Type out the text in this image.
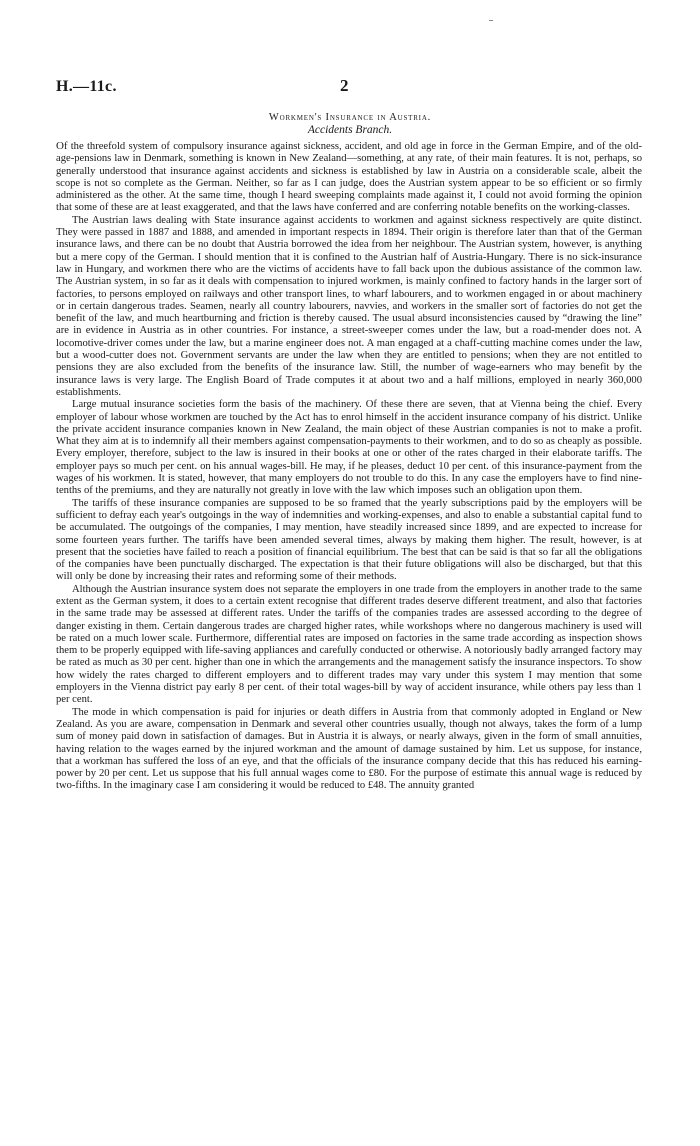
H.—11c.	2
Workmen's Insurance in Austria.
Accidents Branch.

Of the threefold system of compulsory insurance against sickness, accident, and old age in force in the German Empire, and of the old-age-pensions law in Denmark, something is known in New Zealand—something, at any rate, of their main features. It is not, perhaps, so generally understood that insurance against accidents and sickness is established by law in Austria on a considerable scale, albeit the scope is not so complete as the German. Neither, so far as I can judge, does the Austrian system appear to be so efficient or so firmly administered as the other. At the same time, though I heard sweeping complaints made against it, I could not avoid forming the opinion that some of these are at least exaggerated, and that the laws have conferred and are conferring notable benefits on the working-classes.

The Austrian laws dealing with State insurance against accidents to workmen and against sickness respectively are quite distinct. They were passed in 1887 and 1888, and amended in important respects in 1894. Their origin is therefore later than that of the German insurance laws, and there can be no doubt that Austria borrowed the idea from her neighbour. The Austrian system, however, is anything but a mere copy of the German. I should mention that it is confined to the Austrian half of Austria-Hungary. There is no sick-insurance law in Hungary, and workmen there who are the victims of accidents have to fall back upon the dubious assistance of the common law. The Austrian system, in so far as it deals with compensation to injured workmen, is mainly confined to factory hands in the larger sort of factories, to persons employed on railways and other transport lines, to wharf labourers, and to workmen engaged in or about machinery or in certain dangerous trades. Seamen, nearly all country labourers, navvies, and workers in the smaller sort of factories do not get the benefit of the law, and much heartburning and friction is thereby caused. The usual absurd inconsistencies caused by “drawing the line” are in evidence in Austria as in other countries. For instance, a street-sweeper comes under the law, but a road-mender does not. A locomotive-driver comes under the law, but a marine engineer does not. A man engaged at a chaff-cutting machine comes under the law, but a wood-cutter does not. Government servants are under the law when they are entitled to pensions; when they are not entitled to pensions they are also excluded from the benefits of the insurance law. Still, the number of wage-earners who may benefit by the insurance laws is very large. The English Board of Trade computes it at about two and a half millions, employed in nearly 360,000 establishments.

Large mutual insurance societies form the basis of the machinery. Of these there are seven, that at Vienna being the chief. Every employer of labour whose workmen are touched by the Act has to enrol himself in the accident insurance company of his district. Unlike the private accident insurance companies known in New Zealand, the main object of these Austrian companies is not to make a profit. What they aim at is to indemnify all their members against compensation-payments to their workmen, and to do so as cheaply as possible. Every employer, therefore, subject to the law is insured in their books at one or other of the rates charged in their elaborate tariffs. The employer pays so much per cent. on his annual wages-bill. He may, if he pleases, deduct 10 per cent. of this insurance-payment from the wages of his workmen. It is stated, however, that many employers do not trouble to do this. In any case the employers have to find nine-tenths of the premiums, and they are naturally not greatly in love with the law which imposes such an obligation upon them.

The tariffs of these insurance companies are supposed to be so framed that the yearly subscriptions paid by the employers will be sufficient to defray each year's outgoings in the way of indemnities and working-expenses, and also to enable a substantial capital fund to be accumulated. The outgoings of the companies, I may mention, have steadily increased since 1899, and are expected to increase for some fourteen years further. The tariffs have been amended several times, always by making them higher. The result, however, is at present that the societies have failed to reach a position of financial equilibrium. The best that can be said is that so far all the obligations of the companies have been punctually discharged. The expectation is that their future obligations will also be discharged, but that this will only be done by increasing their rates and reforming some of their methods.

Although the Austrian insurance system does not separate the employers in one trade from the employers in another trade to the same extent as the German system, it does to a certain extent recognise that different trades deserve different treatment, and also that factories in the same trade may be assessed at different rates. Under the tariffs of the companies trades are assessed according to the degree of danger existing in them. Certain dangerous trades are charged higher rates, while workshops where no dangerous machinery is used will be rated on a much lower scale. Furthermore, differential rates are imposed on factories in the same trade according as inspection shows them to be properly equipped with life-saving appliances and carefully conducted or otherwise. A notoriously badly arranged factory may be rated as much as 30 per cent. higher than one in which the arrangements and the management satisfy the insurance inspectors. To show how widely the rates charged to different employers and to different trades may vary under this system I may mention that some employers in the Vienna district pay early 8 per cent. of their total wages-bill by way of accident insurance, while others pay less than 1 per cent.

The mode in which compensation is paid for injuries or death differs in Austria from that commonly adopted in England or New Zealand. As you are aware, compensation in Denmark and several other countries usually, though not always, takes the form of a lump sum of money paid down in satisfaction of damages. But in Austria it is always, or nearly always, given in the form of small annuities, having relation to the wages earned by the injured workman and the amount of damage sustained by him. Let us suppose, for instance, that a workman has suffered the loss of an eye, and that the officials of the insurance company decide that this has reduced his earning-power by 20 per cent. Let us suppose that his full annual wages come to £80. For the purpose of estimate this annual wage is reduced by two-fifths. In the imaginary case I am considering it would be reduced to £48. The annuity granted
